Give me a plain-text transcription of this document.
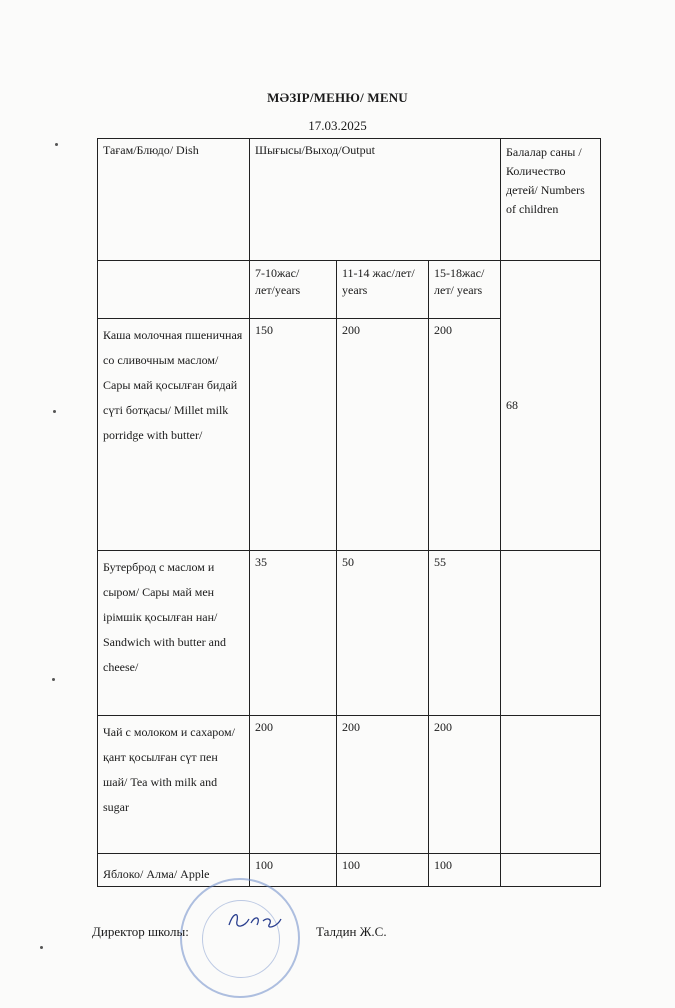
МӘЗІР/МЕНЮ/ MENU
17.03.2025
Тағам/Блюдо/ Dish	Шығысы/Выход/Output			Балалар саны /Количество детей/ Numbers of children
	7-10жас/лет/years	11-14 жас/лет/ years	15-18жас/лет/ years	68
Каша молочная пшеничная со сливочным маслом/ Сары май қосылған бидай сүті ботқасы/ Millet milk porridge with butter/	150	200	200	
Бутерброд с маслом и сыром/ Сары май мен ірімшік қосылған нан/ Sandwich with butter and cheese/	35	50	55	
Чай с молоком и сахаром/қант қосылған сүт пен шай/ Tea with milk and sugar	200	200	200	
Яблоко/ Алма/ Apple	100	100	100	
Директор школы:	Талдин Ж.С.
